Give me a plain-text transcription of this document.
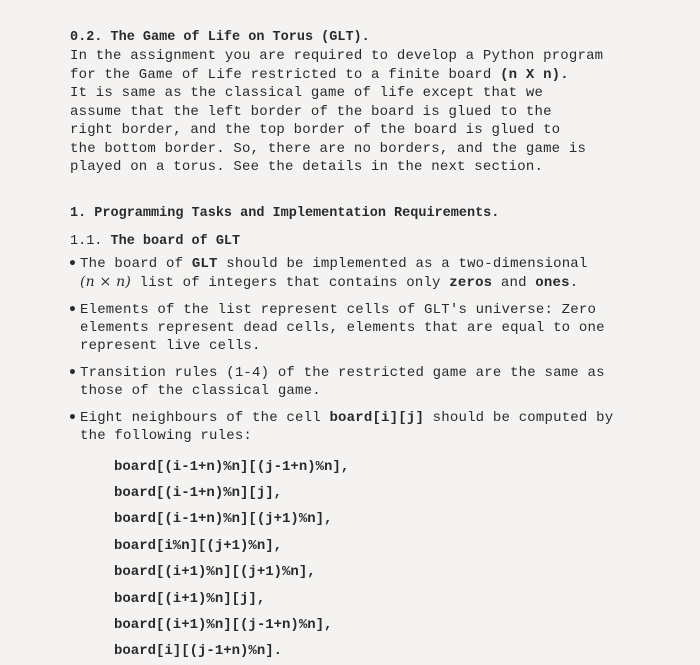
0.2. The Game of Life on Torus (GLT).

In the assignment you are required to develop a Python program

for the Game of Life restricted to a finite board (n X n).

It is same as the classical game of life except that we

assume that the left border of the board is glued to the

right border, and the top border of the board is glued to

the bottom border. So, there are no borders, and the game is

played on a torus. See the details in the next section.

1. Programming Tasks and Implementation Requirements.

1.1. The board of GLT

• The board of GLT should be implemented as a two-dimensional
(n × n) list of integers that contains only zeros and ones.
• Elements of the list represent cells of GLT's universe: Zero
elements represent dead cells, elements that are equal to one
represent live cells.
• Transition rules (1-4) of the restricted game are the same as
those of the classical game.
• Eight neighbours of the cell board[i][j] should be computed by
the following rules:
board[(i-1+n)%n][(j-1+n)%n],
board[(i-1+n)%n][j],
board[(i-1+n)%n][(j+1)%n],
board[i%n][(j+1)%n],
board[(i+1)%n][(j+1)%n],
board[(i+1)%n][j],
board[(i+1)%n][(j-1+n)%n],
board[i][(j-1+n)%n].
